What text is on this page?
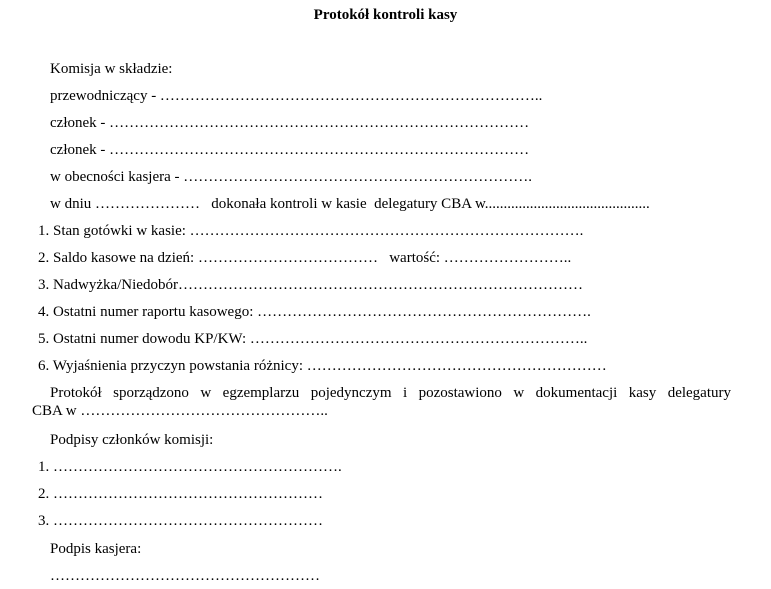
Protokół kontroli kasy
Komisja w składzie:
przewodniczący - …………………………………………………………………..
członek - …………………………………………………………………………
członek - …………………………………………………………………………
w obecności kasjera - …………………………………………………………….
w dniu …………………   dokonała kontroli w kasie  delegatury CBA w............................................
1. Stan gotówki w kasie: …………………………………………………………………….
2. Saldo kasowe na dzień: ………………………………   wartość: ……………………..
3. Nadwyżka/Niedobór………………………………………………………………………
4. Ostatni numer raportu kasowego: ………………………………………………………….
5. Ostatni numer dowodu KP/KW: …………………………………………………………..
6. Wyjaśnienia przyczyn powstania różnicy: ……………………………………………………
Protokół sporządzono w egzemplarzu pojedynczym i pozostawiono w dokumentacji kasy delegatury
CBA w …………………………………………..
Podpisy członków komisji:
1. ………………………………………………….
2. ………………………………………………
3. ………………………………………………
Podpis kasjera:
………………………………………………
